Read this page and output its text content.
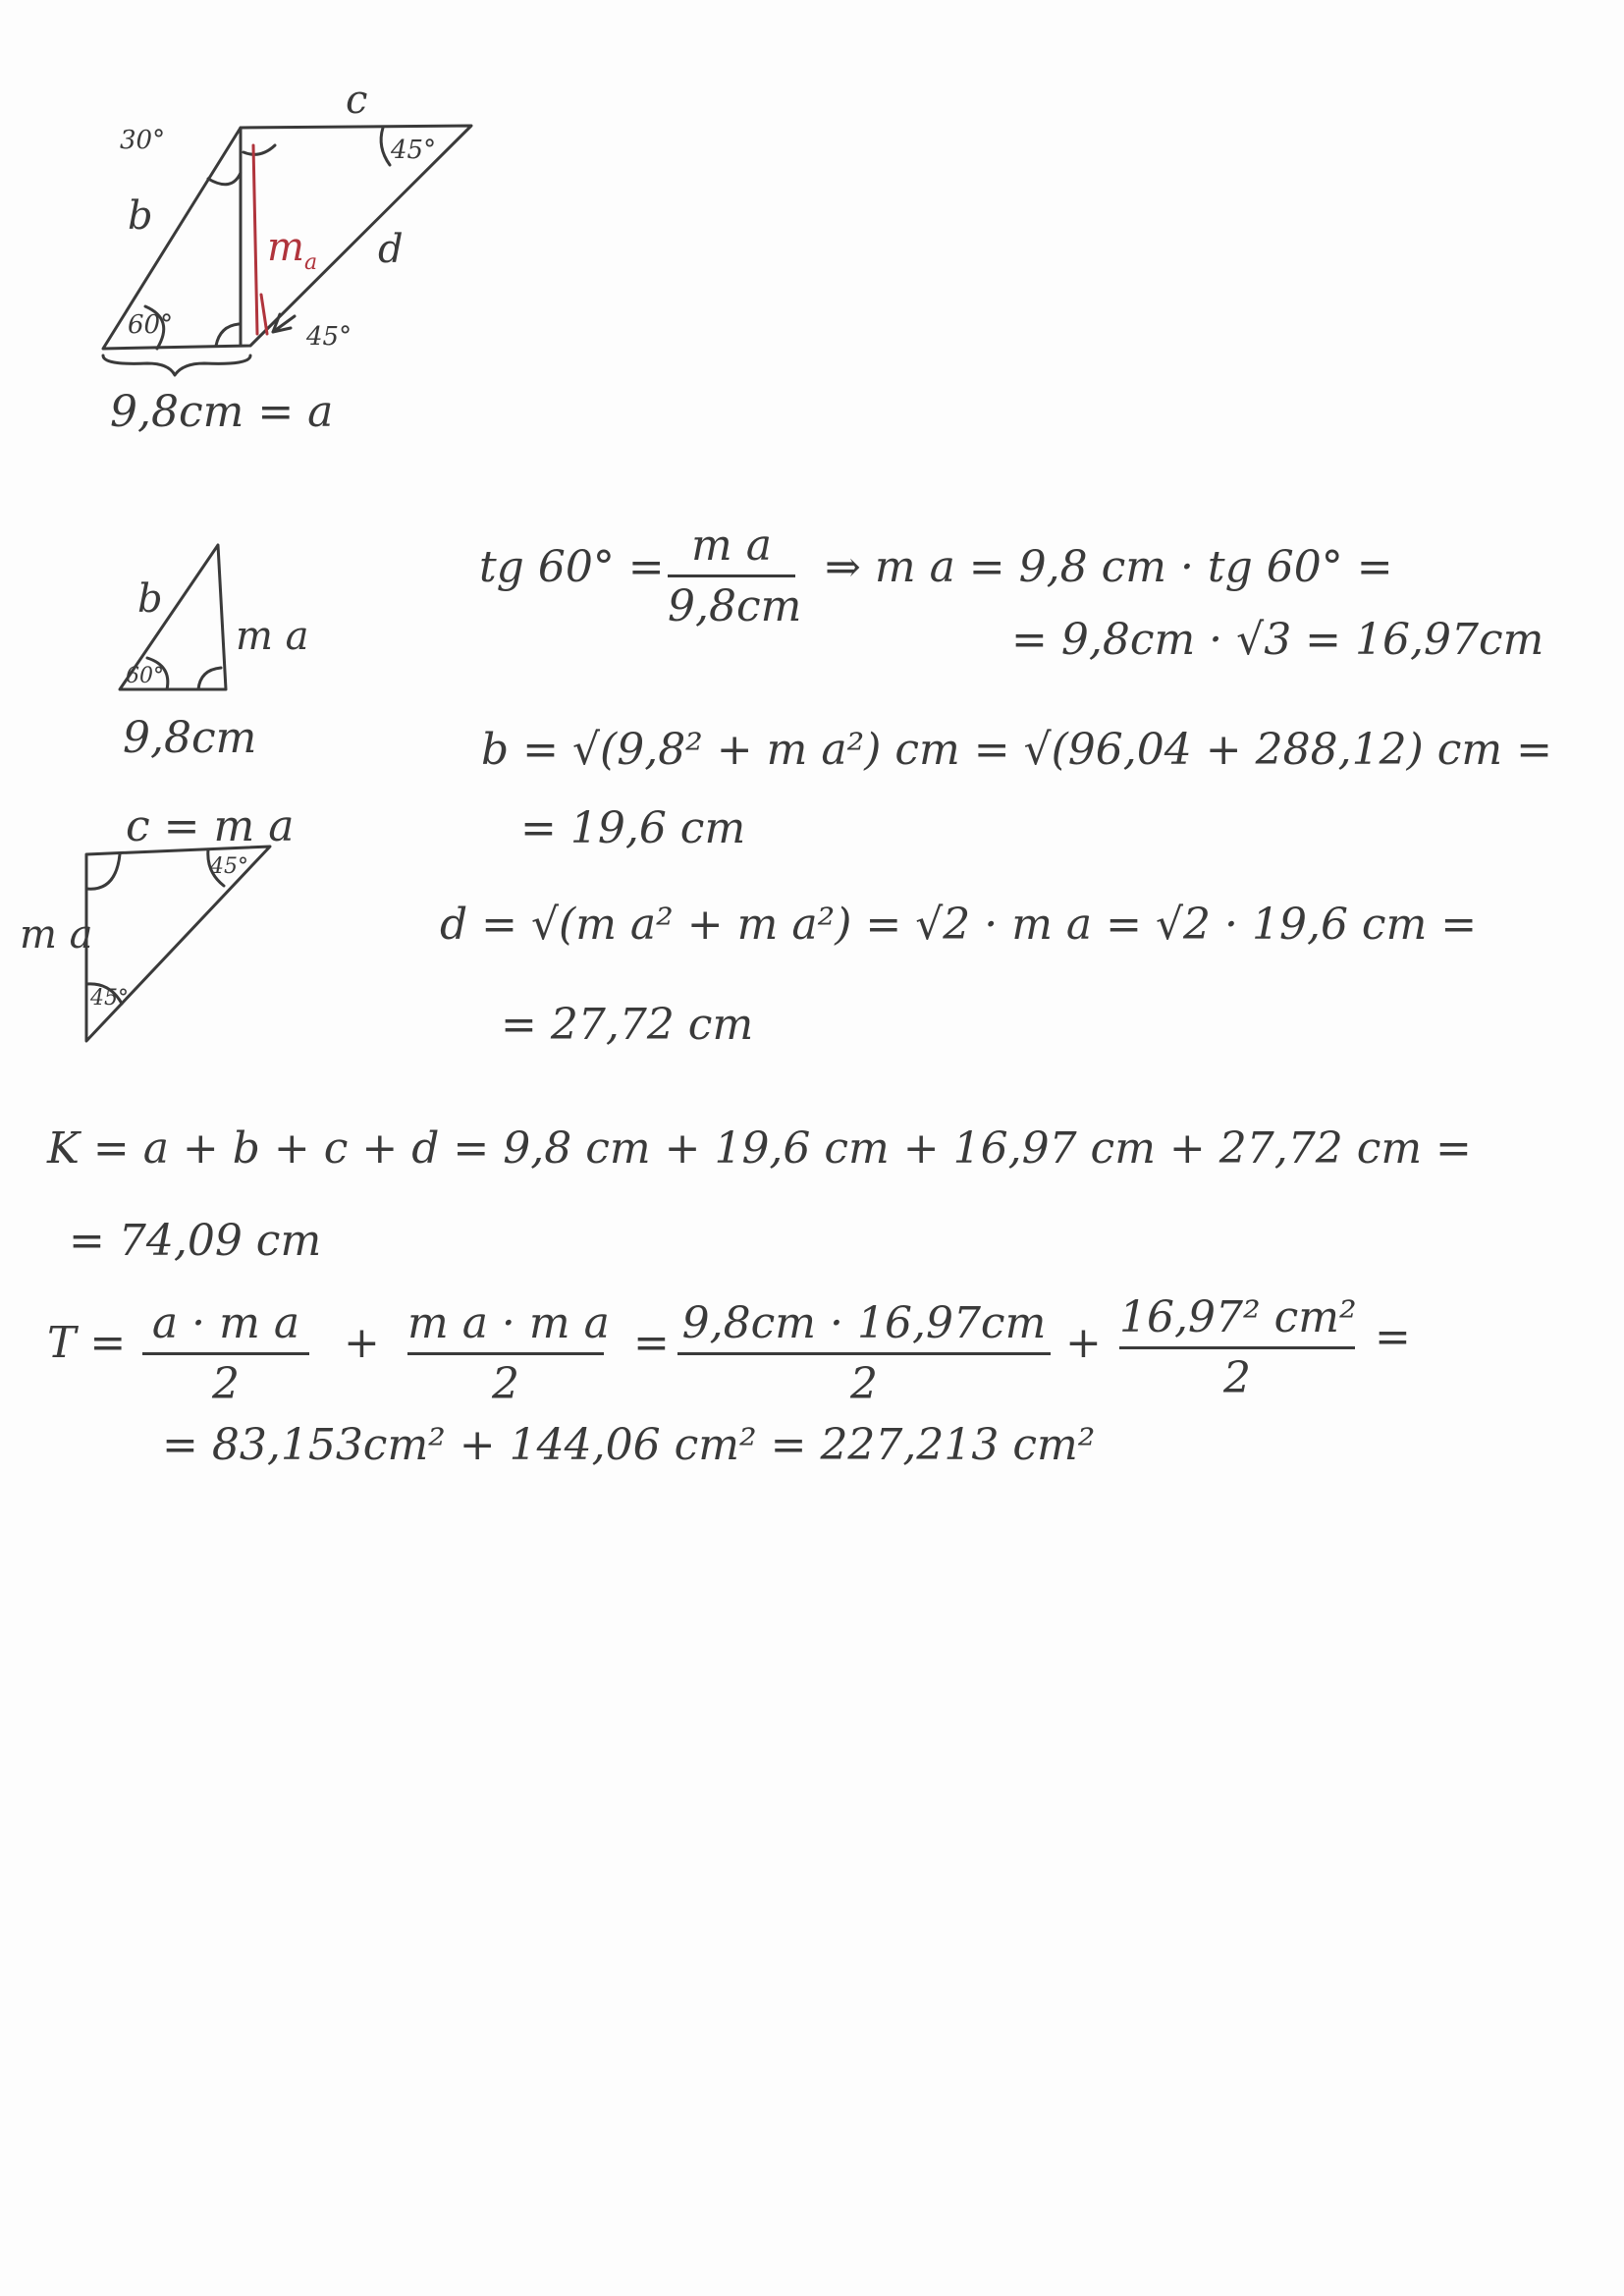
30°
c
45°
b
$m_a$ d
60°	45°
9,8cm = a
b
m a
60°
9,8cm
c = m a
m a
45°
45°
tg 60° = m a
9,8cm
⇒ m a = 9,8 cm · tg 60° =
= 9,8cm · √3 = 16,97cm
b = √(9,8² + m a²) cm = √(96,04 + 288,12) cm =
= 19,6 cm
d = √(m a² + m a²) = √2 · m a = √2 · 19,6 cm =
= 27,72 cm
K = a + b + c + d = 9,8 cm + 19,6 cm + 16,97 cm + 27,72 cm =
= 74,09 cm
T = a · m a
2
+ m a · m a
2
= 9,8cm · 16,97cm
2
+
16,97² cm²
2
=
= 83,153cm² + 144,06 cm² = 227,213 cm²
